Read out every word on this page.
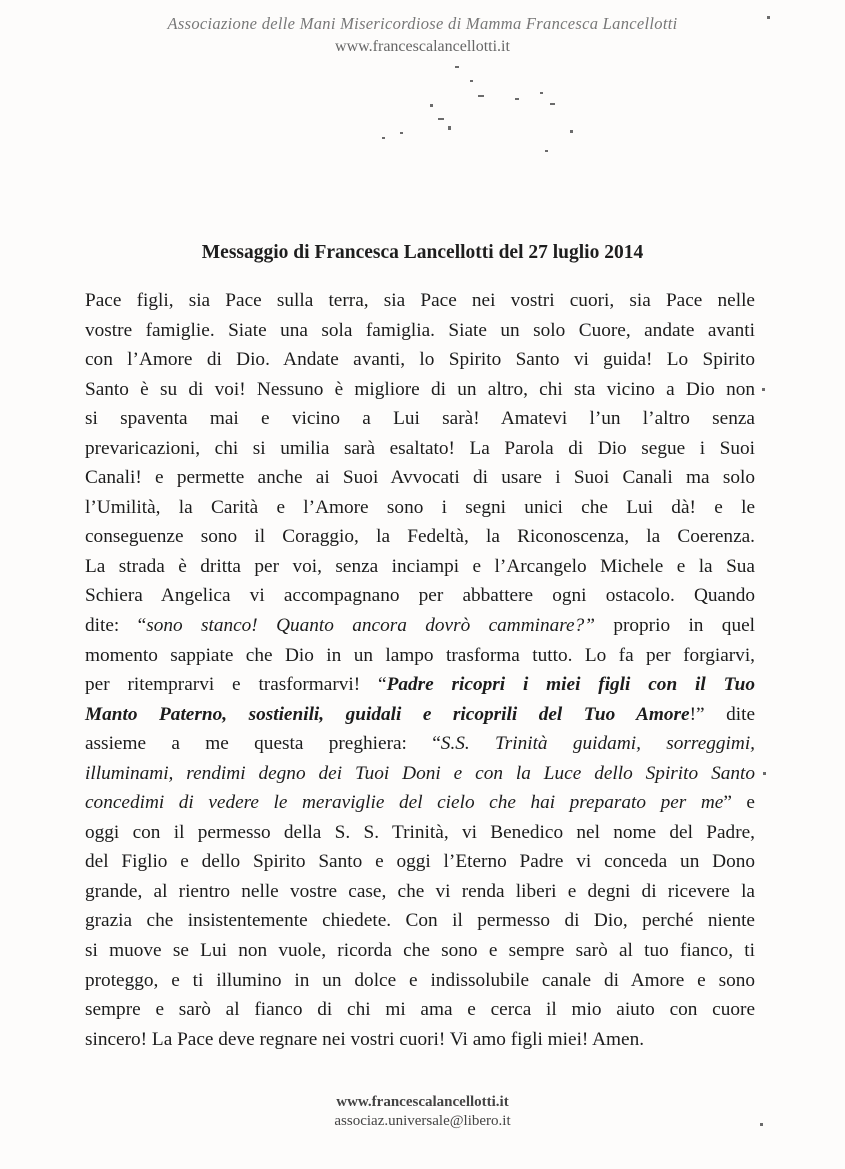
Associazione delle Mani Misericordiose di Mamma Francesca Lancellotti
www.francescalancellotti.it
Messaggio di Francesca Lancellotti del 27 luglio 2014
Pace figli, sia Pace sulla terra, sia Pace nei vostri cuori, sia Pace nelle
vostre famiglie. Siate una sola famiglia. Siate un solo Cuore, andate avanti
con l’Amore di Dio. Andate avanti, lo Spirito Santo vi guida! Lo Spirito
Santo è su di voi! Nessuno è migliore di un altro, chi sta vicino a Dio non
si spaventa mai e vicino a Lui sarà! Amatevi l’un l’altro senza
prevaricazioni, chi si umilia sarà esaltato! La Parola di Dio segue i Suoi
Canali! e permette anche ai Suoi Avvocati di usare i Suoi Canali ma solo
l’Umilità, la Carità e l’Amore sono i segni unici che Lui dà! e le
conseguenze sono il Coraggio, la Fedeltà, la Riconoscenza, la Coerenza.
La strada è dritta per voi, senza inciampi e l’Arcangelo Michele e la Sua
Schiera Angelica vi accompagnano per abbattere ogni ostacolo. Quando
dite: “sono stanco! Quanto ancora dovrò camminare?” proprio in quel
momento sappiate che Dio in un lampo trasforma tutto. Lo fa per forgiarvi,
per ritemprarvi e trasformarvi! “Padre ricopri i miei figli con il Tuo
Manto Paterno, sostienili, guidali e ricoprili del Tuo Amore!” dite
assieme a me questa preghiera: “S.S. Trinità guidami, sorreggimi,
illuminami, rendimi degno dei Tuoi Doni e con la Luce dello Spirito Santo
concedimi di vedere le meraviglie del cielo che hai preparato per me” e
oggi con il permesso della S. S. Trinità, vi Benedico nel nome del Padre,
del Figlio e dello Spirito Santo e oggi l’Eterno Padre vi conceda un Dono
grande, al rientro nelle vostre case, che vi renda liberi e degni di ricevere la
grazia che insistentemente chiedete. Con il permesso di Dio, perché niente
si muove se Lui non vuole, ricorda che sono e sempre sarò al tuo fianco, ti
proteggo, e ti illumino in un dolce e indissolubile canale di Amore e sono
sempre e sarò al fianco di chi mi ama e cerca il mio aiuto con cuore
sincero! La Pace deve regnare nei vostri cuori! Vi amo figli miei! Amen.
www.francescalancellotti.it
associaz.universale@libero.it
